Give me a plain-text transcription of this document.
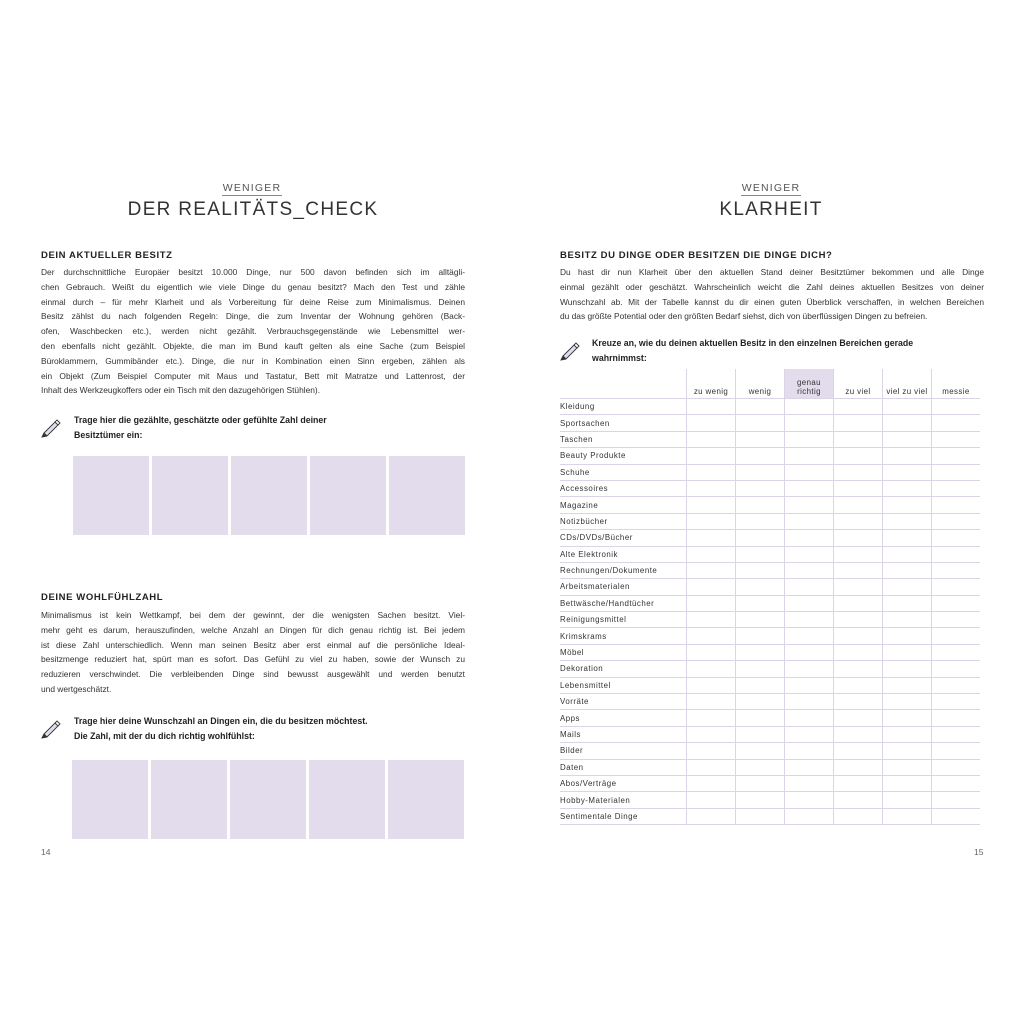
WENIGER
DER REALITÄTS_CHECK
DEIN AKTUELLER BESITZ
Der durchschnittliche Europäer besitzt 10.000 Dinge, nur 500 davon befinden sich im alltägli-
chen Gebrauch. Weißt du eigentlich wie viele Dinge du genau besitzt? Mach den Test und zähle
einmal durch – für mehr Klarheit und als Vorbereitung für deine Reise zum Minimalismus. Deinen
Besitz zählst du nach folgenden Regeln: Dinge, die zum Inventar der Wohnung gehören (Back-
ofen, Waschbecken etc.), werden nicht gezählt. Verbrauchsgegenstände wie Lebensmittel wer-
den ebenfalls nicht gezählt. Objekte, die man im Bund kauft gelten als eine Sache (zum Beispiel
Büroklammern, Gummibänder etc.). Dinge, die nur in Kombination einen Sinn ergeben, zählen als
ein Objekt (Zum Beispiel Computer mit Maus und Tastatur, Bett mit Matratze und Lattenrost, der
Inhalt des Werkzeugkoffers oder ein Tisch mit den dazugehörigen Stühlen).
Trage hier die gezählte, geschätzte oder gefühlte Zahl deiner
Besitztümer ein:
DEINE WOHLFÜHLZAHL
Minimalismus ist kein Wettkampf, bei dem der gewinnt, der die wenigsten Sachen besitzt. Viel-
mehr geht es darum, herauszufinden, welche Anzahl an Dingen für dich genau richtig ist. Bei jedem
ist diese Zahl unterschiedlich. Wenn man seinen Besitz aber erst einmal auf die persönliche Ideal-
besitzmenge reduziert hat, spürt man es sofort. Das Gefühl zu viel zu haben, sowie der Wunsch zu
reduzieren verschwindet. Die verbleibenden Dinge sind bewusst ausgewählt und werden benutzt
und wertgeschätzt.
Trage hier deine Wunschzahl an Dingen ein, die du besitzen möchtest.
Die Zahl, mit der du dich richtig wohlfühlst:
14
WENIGER
KLARHEIT
BESITZ DU DINGE ODER BESITZEN DIE DINGE DICH?
Du hast dir nun Klarheit über den aktuellen Stand deiner Besitztümer bekommen und alle Dinge
einmal gezählt oder geschätzt. Wahrscheinlich weicht die Zahl deines aktuellen Besitzes von deiner
Wunschzahl ab. Mit der Tabelle kannst du dir einen guten Überblick verschaffen, in welchen Bereichen
du das größte Potential oder den größten Bedarf siehst, dich von überflüssigen Dingen zu befreien.
Kreuze an, wie du deinen aktuellen Besitz in den einzelnen Bereichen gerade
wahrnimmst:
	zu wenig	wenig	genau richtig	zu viel	viel zu viel	messie
Kleidung						
Sportsachen						
Taschen						
Beauty Produkte						
Schuhe						
Accessoires						
Magazine						
Notizbücher						
CDs/DVDs/Bücher						
Alte Elektronik						
Rechnungen/Dokumente						
Arbeitsmaterialen						
Bettwäsche/Handtücher						
Reinigungsmittel						
Krimskrams						
Möbel						
Dekoration						
Lebensmittel						
Vorräte						
Apps						
Mails						
Bilder						
Daten						
Abos/Verträge						
Hobby-Materialen						
Sentimentale Dinge						
15
